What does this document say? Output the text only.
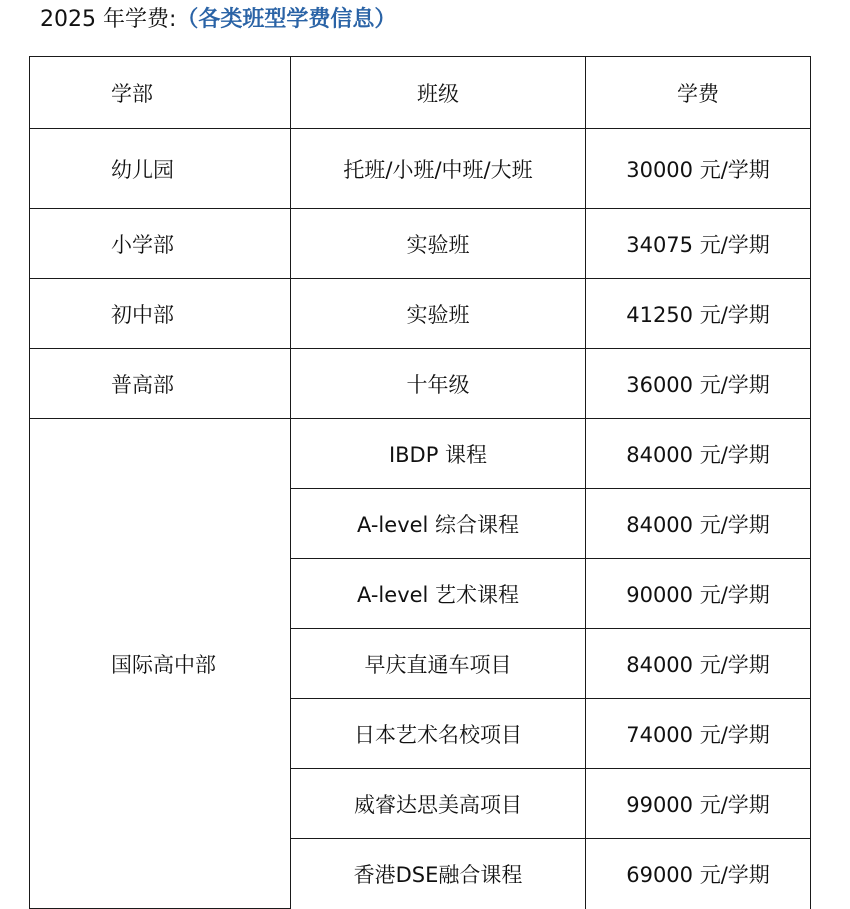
2025 年学费:（各类班型学费信息）
学部	班级	学费
幼儿园	托班/小班/中班/大班	30000 元/学期
小学部	实验班	34075 元/学期
初中部	实验班	41250 元/学期
普高部	十年级	36000 元/学期
国际高中部	IBDP 课程	84000 元/学期
	A-level 综合课程	84000 元/学期
	A-level 艺术课程	90000 元/学期
	早庆直通车项目	84000 元/学期
	日本艺术名校项目	74000 元/学期
	威睿达思美高项目	99000 元/学期
	香港DSE融合课程	69000 元/学期
